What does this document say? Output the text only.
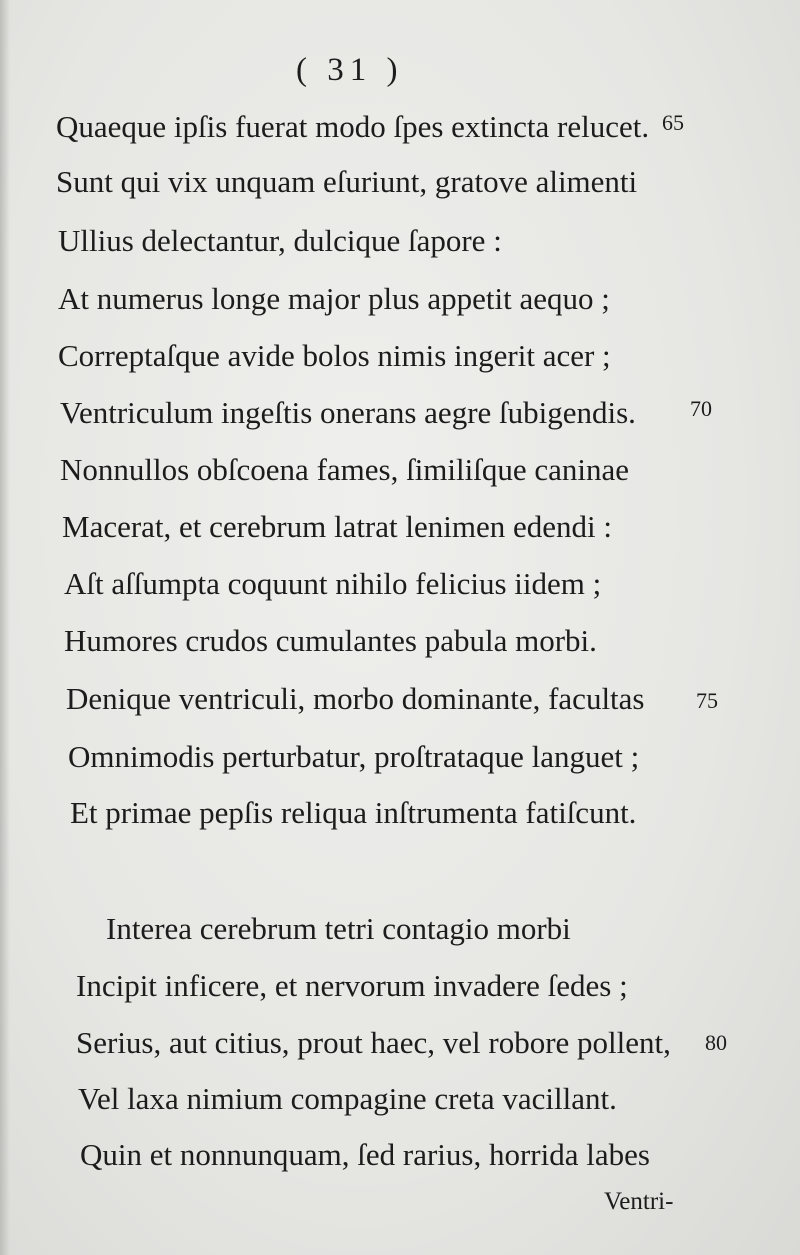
( 31 )
Quaeque ipſis fuerat modo ſpes extincta relucet. 65
Sunt qui vix unquam eſuriunt, gratove alimenti
Ullius delectantur, dulcique ſapore :
At numerus longe major plus appetit aequo ;
Correptaſque avide bolos nimis ingerit acer ;
Ventriculum ingeſtis onerans aegre ſubigendis. 70
Nonnullos obſcoena fames, ſimiliſque caninae
Macerat, et cerebrum latrat lenimen edendi :
Aſt aſſumpta coquunt nihilo felicius iidem ;
Humores crudos cumulantes pabula morbi.
Denique ventriculi, morbo dominante, facultas 75
Omnimodis perturbatur, proſtrataque languet ;
Et primae pepſis reliqua inſtrumenta fatiſcunt.
Interea cerebrum tetri contagio morbi
Incipit inficere, et nervorum invadere ſedes ;
Serius, aut citius, prout haec, vel robore pollent, 80
Vel laxa nimium compagine creta vacillant.
Quin et nonnunquam, ſed rarius, horrida labes
Ventri-
